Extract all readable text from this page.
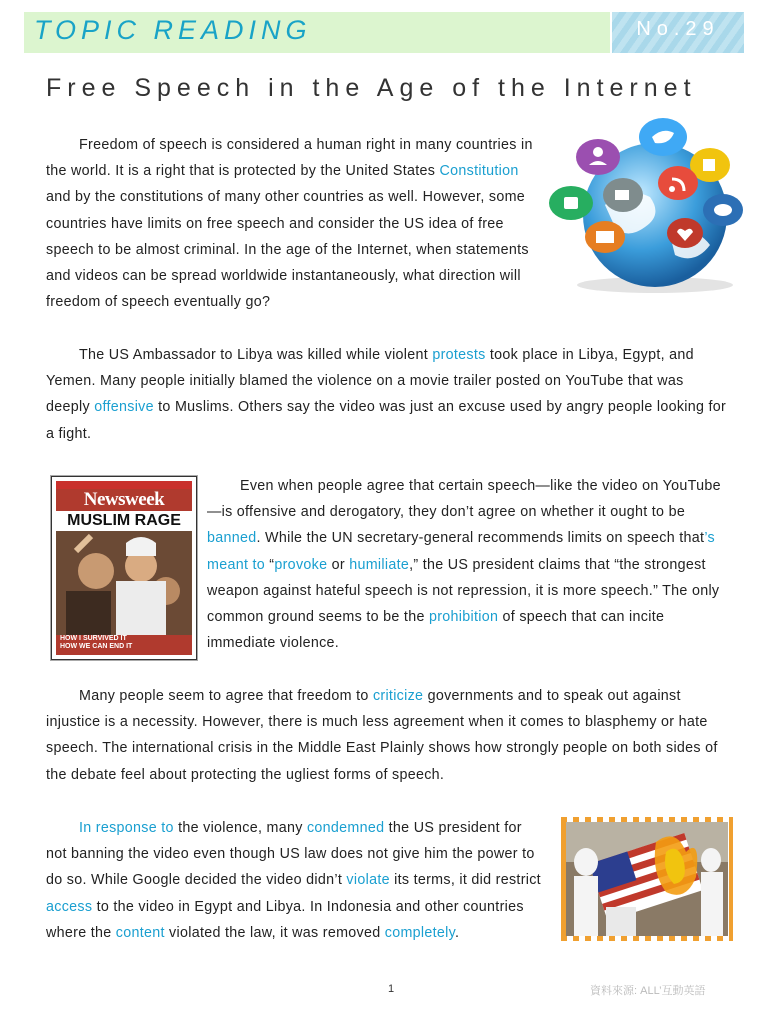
TOPIC READING	No.29
Free Speech in the Age of the Internet

Freedom of speech is considered a human right in many countries in the world. It is a right that is protected by the United States Constitution and by the constitutions of many other countries as well. However, some countries have limits on free speech and consider the US idea of free speech to be almost criminal. In the age of the Internet, when statements and videos can be spread worldwide instantaneously, what direction will freedom of speech eventually go?

The US Ambassador to Libya was killed while violent protests took place in Libya, Egypt, and Yemen. Many people initially blamed the violence on a movie trailer posted on YouTube that was deeply offensive to Muslims. Others say the video was just an excuse used by angry people looking for a fight.

Newsweek
MUSLIM RAGE
HOW I SURVIVED IT
HOW WE CAN END IT

Even when people agree that certain speech—like the video on YouTube—is offensive and derogatory, they don’t agree on whether it ought to be banned. While the UN secretary-general recommends limits on speech that’s meant to “provoke or humiliate,” the US president claims that “the strongest weapon against hateful speech is not repression, it is more speech.” The only common ground seems to be the prohibition of speech that can incite immediate violence.

Many people seem to agree that freedom to criticize governments and to speak out against injustice is a necessity. However, there is much less agreement when it comes to blasphemy or hate speech. The international crisis in the Middle East Plainly shows how strongly people on both sides of the debate feel about protecting the ugliest forms of speech.

In response to the violence, many condemned the US president for not banning the video even though US law does not give him the power to do so. While Google decided the video didn’t violate its terms, it did restrict access to the video in Egypt and Libya. In Indonesia and other countries where the content violated the law, it was removed completely.

1	資料來源: ALL’互動英語
